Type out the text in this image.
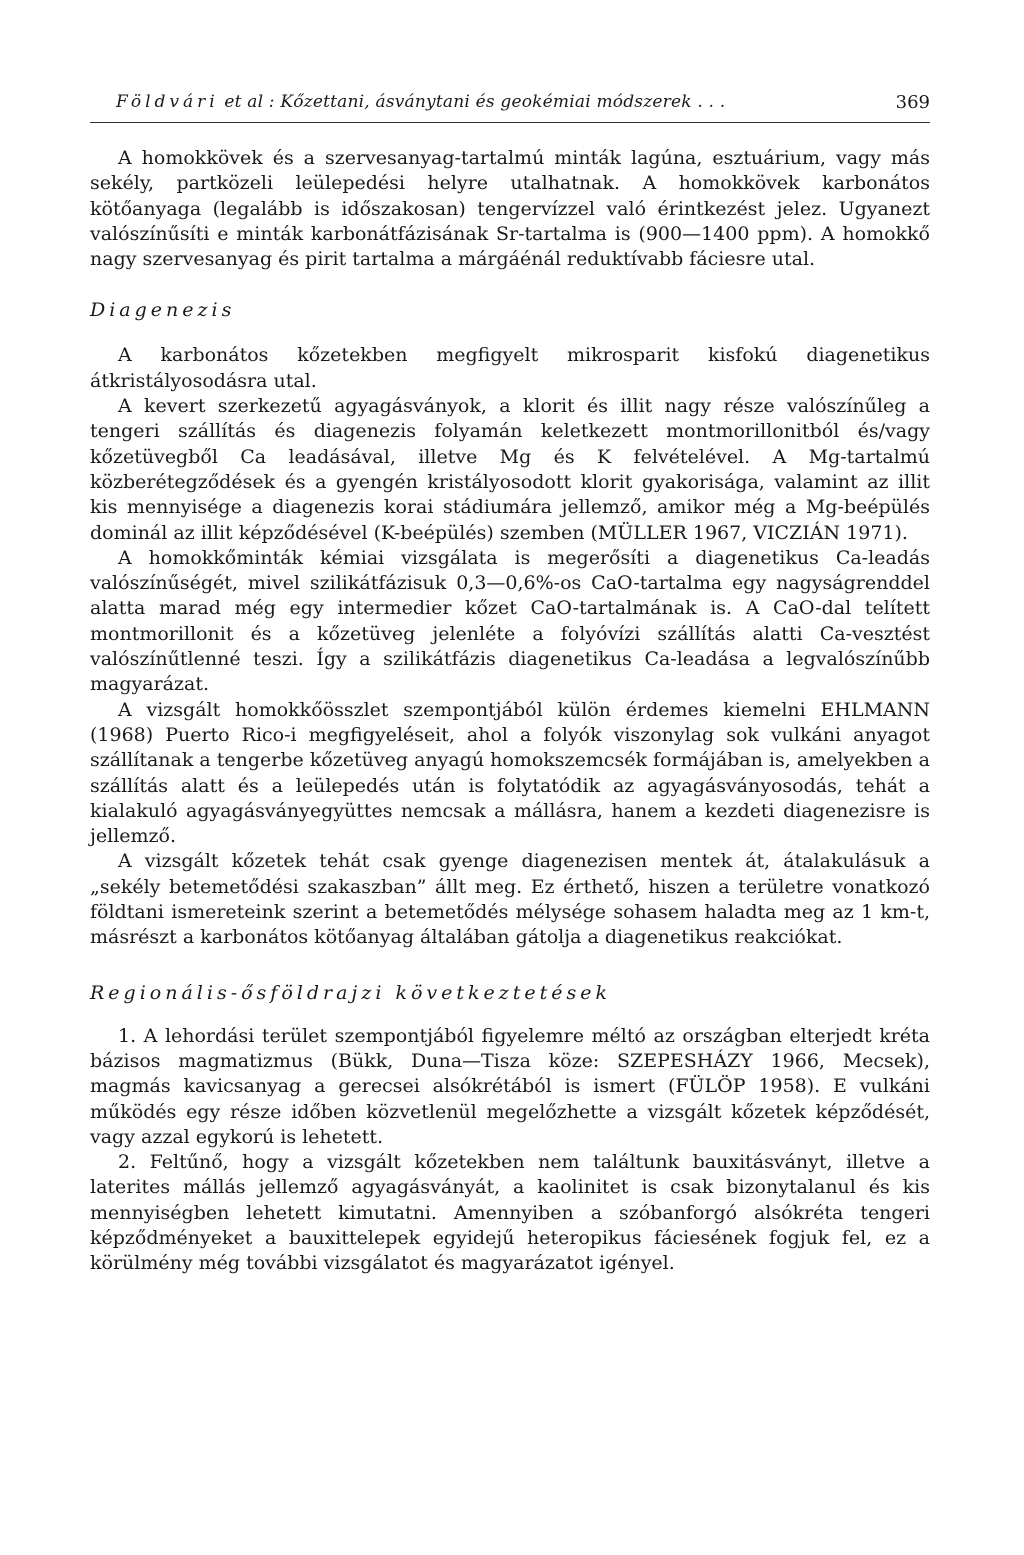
Földvári et al : Kőzettani, ásványtani és geokémiai módszerek . . .	369

A homokkövek és a szervesanyag-tartalmú minták lagúna, esztuárium, vagy más sekély, partközeli leülepedési helyre utalhatnak. A homokkövek karbonátos kötőanyaga (legalább is időszakosan) tengervízzel való érintkezést jelez. Ugyanezt valószínűsíti e minták karbonátfázisának Sr-tartalma is (900—1400 ppm). A homokkő nagy szervesanyag és pirit tartalma a márgáénál reduktívabb fáciesre utal.

Diagenezis

A karbonátos kőzetekben megfigyelt mikrosparit kisfokú diagenetikus átkristályosodásra utal.

A kevert szerkezetű agyagásványok, a klorit és illit nagy része valószínűleg a tengeri szállítás és diagenezis folyamán keletkezett montmorillonitból és/vagy kőzetüvegből Ca leadásával, illetve Mg és K felvételével. A Mg-tartalmú közberétegződések és a gyengén kristályosodott klorit gyakorisága, valamint az illit kis mennyisége a diagenezis korai stádiumára jellemző, amikor még a Mg-beépülés dominál az illit képződésével (K-beépülés) szemben (MÜLLER 1967, VICZIÁN 1971).

A homokkőminták kémiai vizsgálata is megerősíti a diagenetikus Ca-leadás valószínűségét, mivel szilikátfázisuk 0,3—0,6%-os CaO-tartalma egy nagyságrenddel alatta marad még egy intermedier kőzet CaO-tartalmának is. A CaO-dal telített montmorillonit és a kőzetüveg jelenléte a folyóvízi szállítás alatti Ca-vesztést valószínűtlenné teszi. Így a szilikátfázis diagenetikus Ca-leadása a legvalószínűbb magyarázat.

A vizsgált homokkőösszlet szempontjából külön érdemes kiemelni EHLMANN (1968) Puerto Rico-i megfigyeléseit, ahol a folyók viszonylag sok vulkáni anyagot szállítanak a tengerbe kőzetüveg anyagú homokszemcsék formájában is, amelyekben a szállítás alatt és a leülepedés után is folytatódik az agyagásványosodás, tehát a kialakuló agyagásványegyüttes nemcsak a mállásra, hanem a kezdeti diagenezisre is jellemző.

A vizsgált kőzetek tehát csak gyenge diagenezisen mentek át, átalakulásuk a „sekély betemetődési szakaszban” állt meg. Ez érthető, hiszen a területre vonatkozó földtani ismereteink szerint a betemetődés mélysége sohasem haladta meg az 1 km-t, másrészt a karbonátos kötőanyag általában gátolja a diagenetikus reakciókat.

Regionális-ősföldrajzi következtetések

1. A lehordási terület szempontjából figyelemre méltó az országban elterjedt kréta bázisos magmatizmus (Bükk, Duna—Tisza köze: SZEPESHÁZY 1966, Mecsek), magmás kavicsanyag a gerecsei alsókrétából is ismert (FÜLÖP 1958). E vulkáni működés egy része időben közvetlenül megelőzhette a vizsgált kőzetek képződését, vagy azzal egykorú is lehetett.

2. Feltűnő, hogy a vizsgált kőzetekben nem találtunk bauxitásványt, illetve a laterites mállás jellemző agyagásványát, a kaolinitet is csak bizonytalanul és kis mennyiségben lehetett kimutatni. Amennyiben a szóbanforgó alsókréta tengeri képződményeket a bauxittelepek egyidejű heteropikus fáciesének fogjuk fel, ez a körülmény még további vizsgálatot és magyarázatot igényel.
